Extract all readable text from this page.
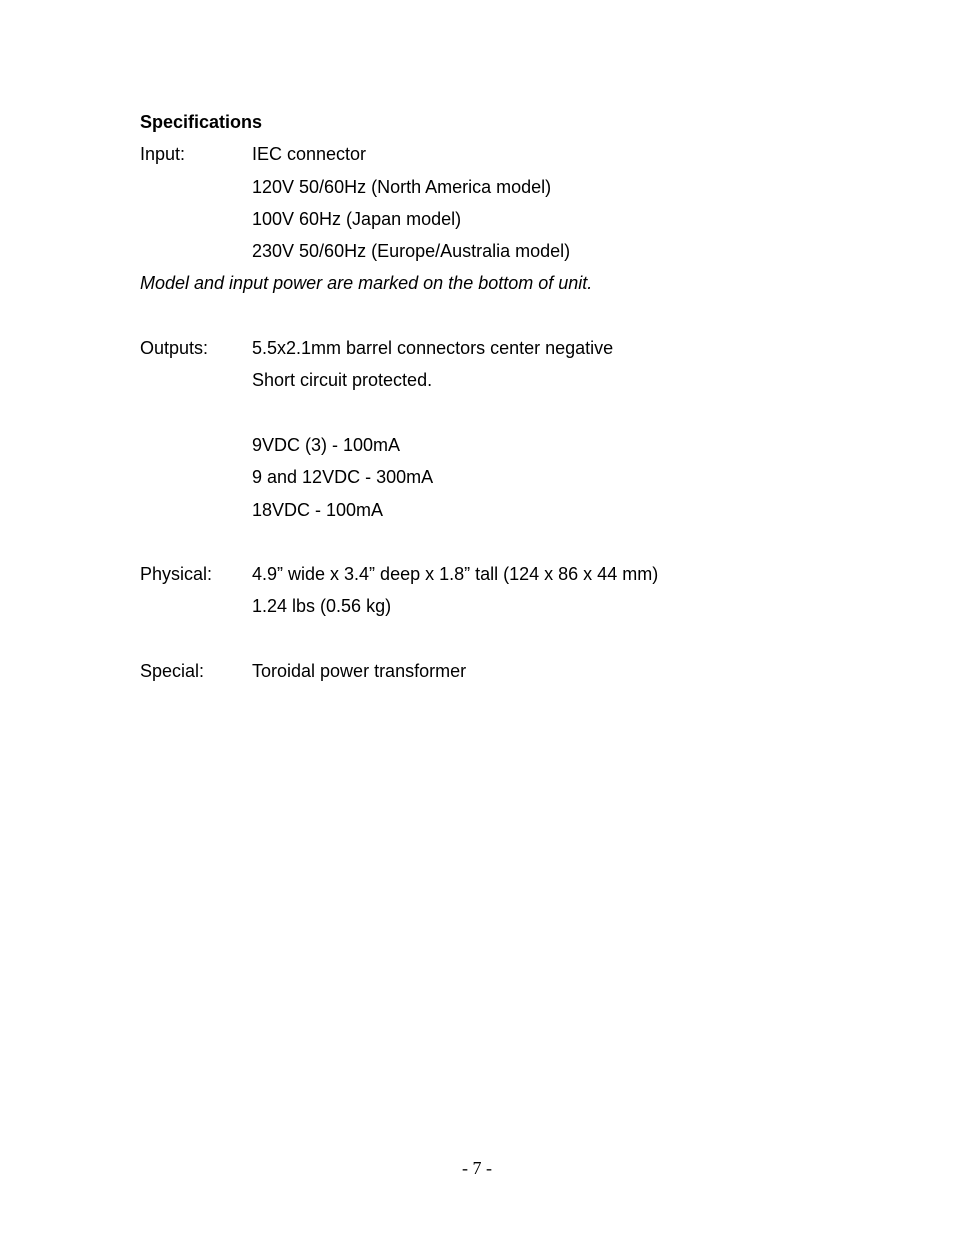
Specifications
Input:	IEC connector
120V 50/60Hz (North America model)
100V 60Hz (Japan model)
230V 50/60Hz (Europe/Australia model)
Model and input power are marked on the bottom of unit.
Outputs:	5.5x2.1mm barrel connectors center negative
Short circuit protected.
9VDC (3) - 100mA
9 and 12VDC - 300mA
18VDC - 100mA
Physical:	4.9” wide x 3.4” deep x 1.8” tall (124 x 86 x 44 mm)
1.24 lbs (0.56 kg)
Special:	Toroidal power transformer
- 7 -
